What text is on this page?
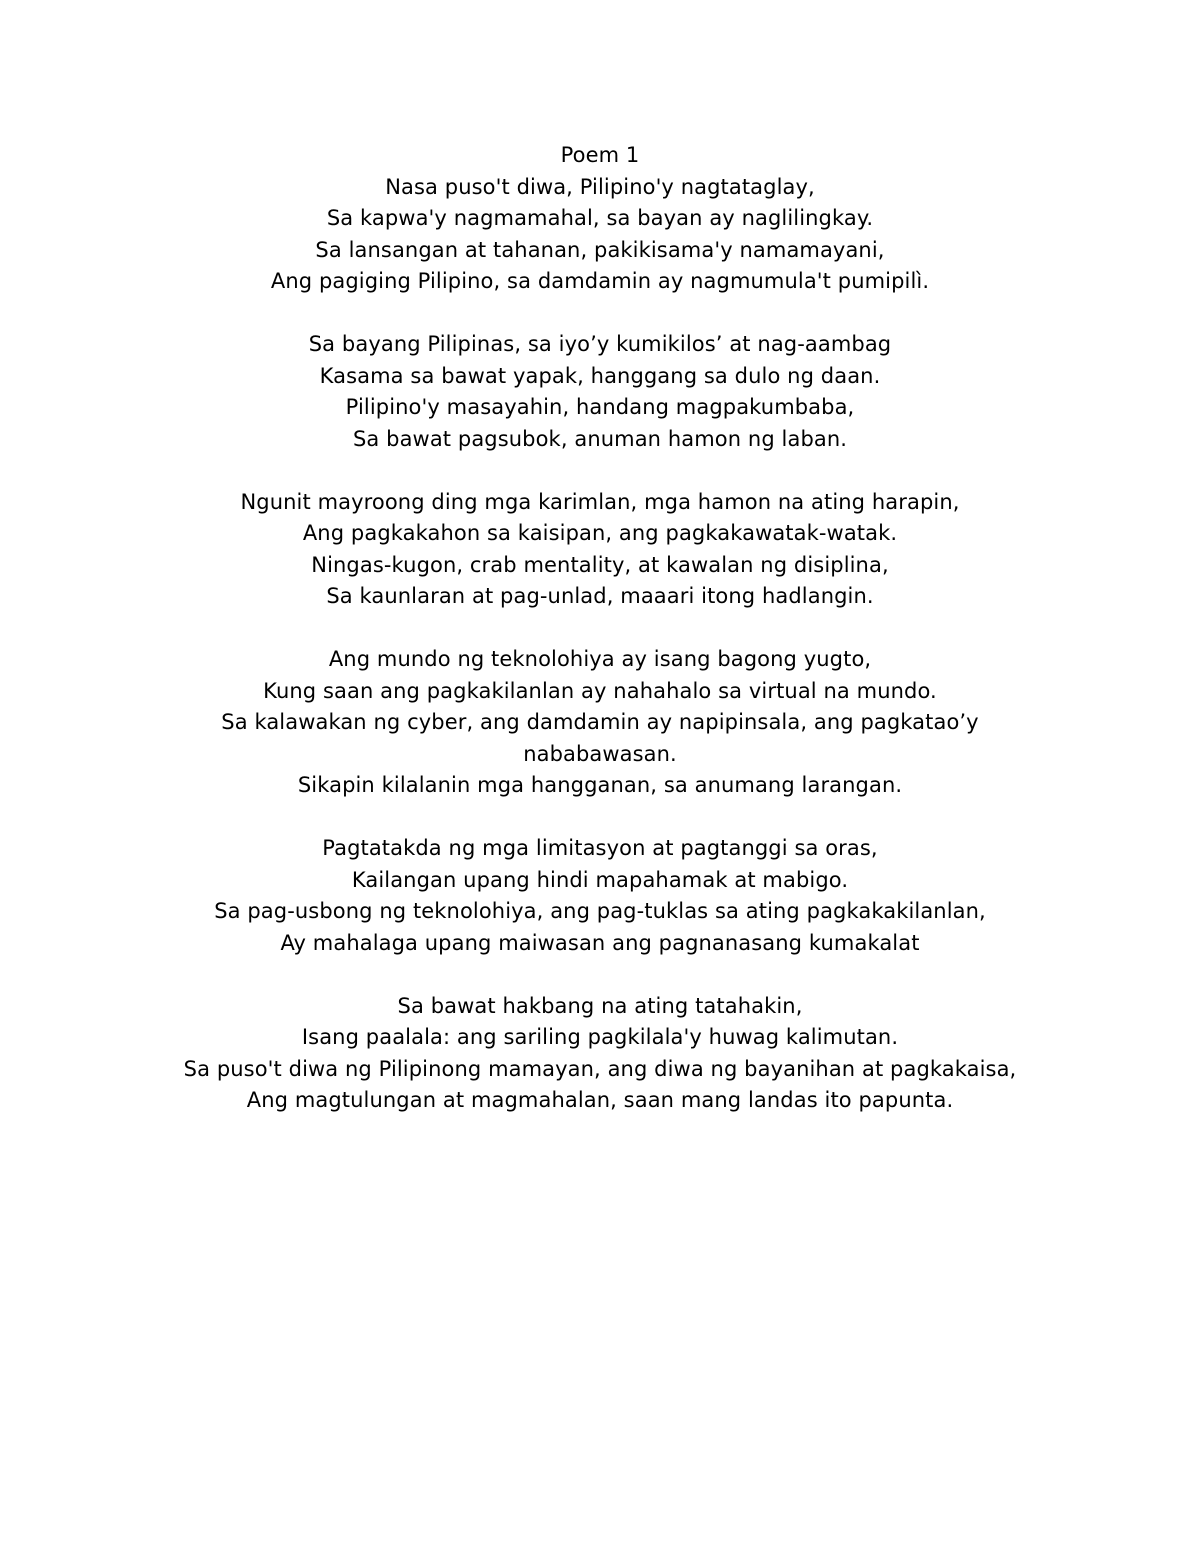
Poem 1
Nasa puso't diwa, Pilipino'y nagtataglay,
Sa kapwa'y nagmamahal, sa bayan ay naglilingkay.
Sa lansangan at tahanan, pakikisama'y namamayani,
Ang pagiging Pilipino, sa damdamin ay nagmumula't pumipilì.
Sa bayang Pilipinas, sa iyo’y kumikilos’ at nag-aambag
Kasama sa bawat yapak, hanggang sa dulo ng daan.
Pilipino'y masayahin, handang magpakumbaba,
Sa bawat pagsubok, anuman hamon ng laban.
Ngunit mayroong ding mga karimlan, mga hamon na ating harapin,
Ang pagkakahon sa kaisipan, ang pagkakawatak-watak.
Ningas-kugon, crab mentality, at kawalan ng disiplina,
Sa kaunlaran at pag-unlad, maaari itong hadlangin.
Ang mundo ng teknolohiya ay isang bagong yugto,
Kung saan ang pagkakilanlan ay nahahalo sa virtual na mundo.
Sa kalawakan ng cyber, ang damdamin ay napipinsala, ang pagkatao’y nababawasan.
Sikapin kilalanin mga hangganan, sa anumang larangan.
Pagtatakda ng mga limitasyon at pagtanggi sa oras,
Kailangan upang hindi mapahamak at mabigo.
Sa pag-usbong ng teknolohiya, ang pag-tuklas sa ating pagkakakilanlan,
Ay mahalaga upang maiwasan ang pagnanasang kumakalat
Sa bawat hakbang na ating tatahakin,
Isang paalala: ang sariling pagkilala'y huwag kalimutan.
Sa puso't diwa ng Pilipinong mamayan, ang diwa ng bayanihan at pagkakaisa,
Ang magtulungan at magmahalan, saan mang landas ito papunta.
